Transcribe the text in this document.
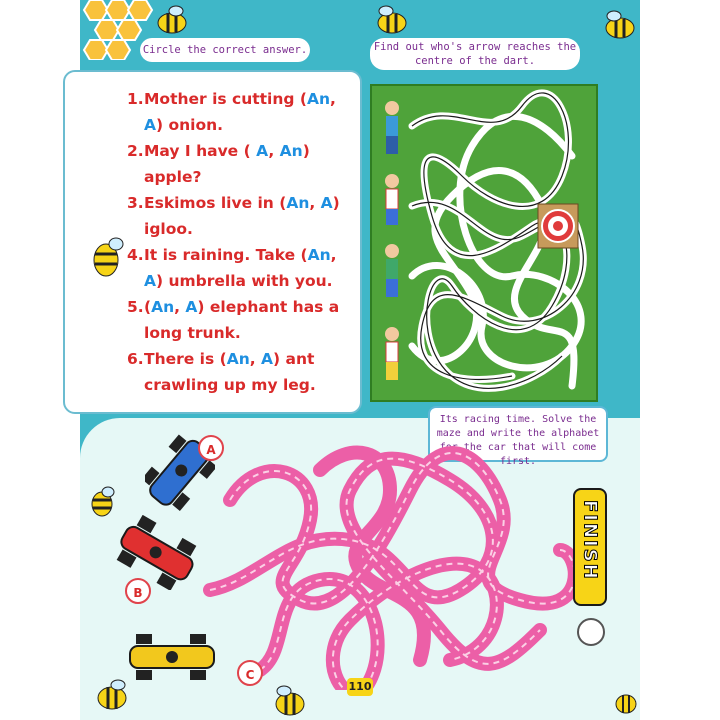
Circle the correct answer.	Find out who's arrow reaches the centre of the dart.
1. Mother is cutting (An, A) onion.
2. May I have ( A, An) apple?
3. Eskimos live in (An, A) igloo.
4. It is raining. Take (An, A) umbrella with you.
5. (An, A) elephant has a long trunk.
6. There is (An, A) ant crawling up my leg.
Its racing time. Solve the maze and write the alphabet for the car that will come first.
A
B
C
FINISH
110
